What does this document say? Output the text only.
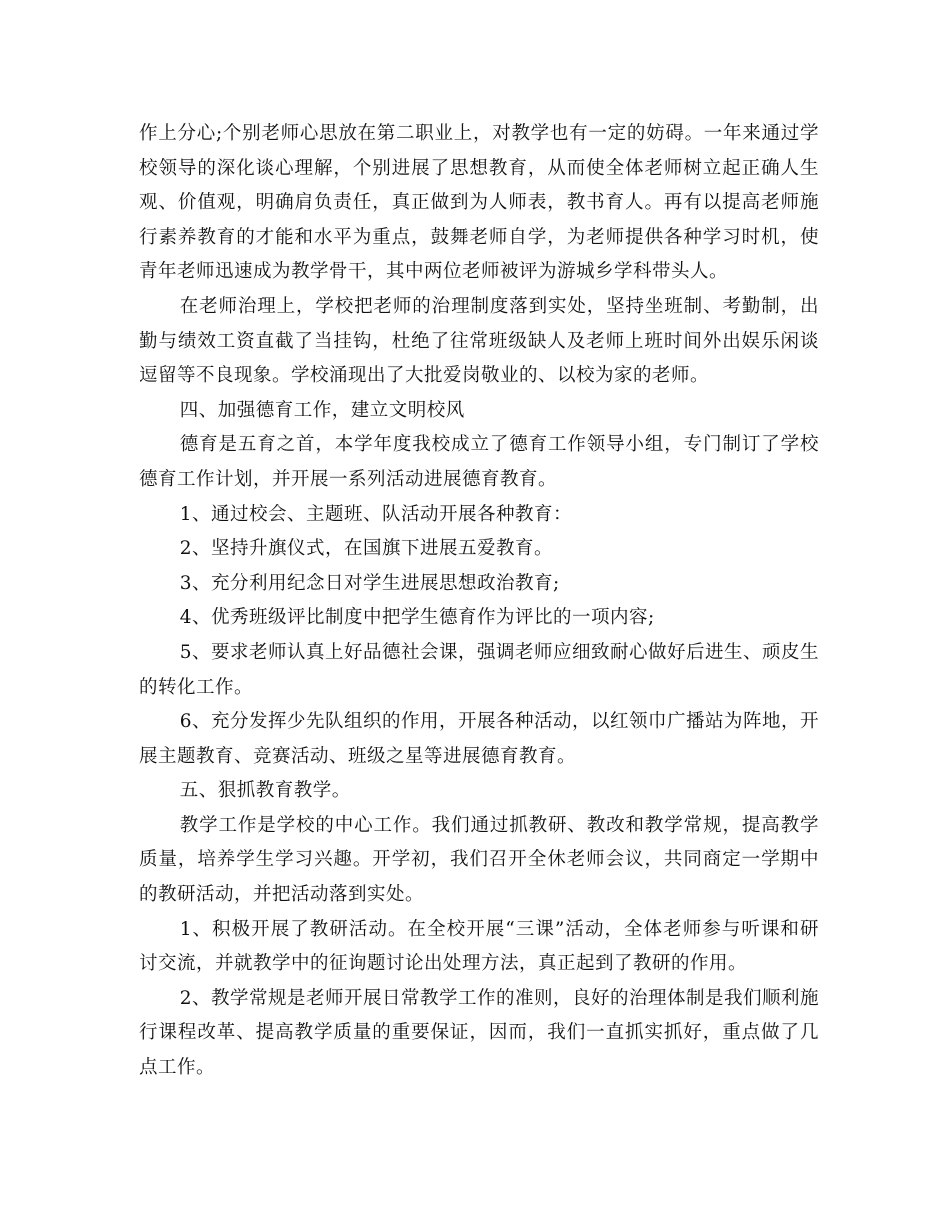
作上分心;个别老师心思放在第二职业上，对教学也有一定的妨碍。一年来通过学校领导的深化谈心理解，个别进展了思想教育，从而使全体老师树立起正确人生观、价值观，明确肩负责任，真正做到为人师表，教书育人。再有以提高老师施行素养教育的才能和水平为重点，鼓舞老师自学，为老师提供各种学习时机，使青年老师迅速成为教学骨干，其中两位老师被评为游城乡学科带头人。

在老师治理上，学校把老师的治理制度落到实处，坚持坐班制、考勤制，出勤与绩效工资直截了当挂钩，杜绝了往常班级缺人及老师上班时间外出娱乐闲谈逗留等不良现象。学校涌现出了大批爱岗敬业的、以校为家的老师。

四、加强德育工作，建立文明校风

德育是五育之首，本学年度我校成立了德育工作领导小组，专门制订了学校德育工作计划，并开展一系列活动进展德育教育。

1、通过校会、主题班、队活动开展各种教育：

2、坚持升旗仪式，在国旗下进展五爱教育。

3、充分利用纪念日对学生进展思想政治教育;

4、优秀班级评比制度中把学生德育作为评比的一项内容;

5、要求老师认真上好品德社会课，强调老师应细致耐心做好后进生、顽皮生的转化工作。

6、充分发挥少先队组织的作用，开展各种活动，以红领巾广播站为阵地，开展主题教育、竞赛活动、班级之星等进展德育教育。

五、狠抓教育教学。

教学工作是学校的中心工作。我们通过抓教研、教改和教学常规，提高教学质量，培养学生学习兴趣。开学初，我们召开全休老师会议，共同商定一学期中的教研活动，并把活动落到实处。

1、积极开展了教研活动。在全校开展“三课”活动，全体老师参与听课和研讨交流，并就教学中的征询题讨论出处理方法，真正起到了教研的作用。

2、教学常规是老师开展日常教学工作的准则，良好的治理体制是我们顺利施行课程改革、提高教学质量的重要保证，因而，我们一直抓实抓好，重点做了几点工作。
